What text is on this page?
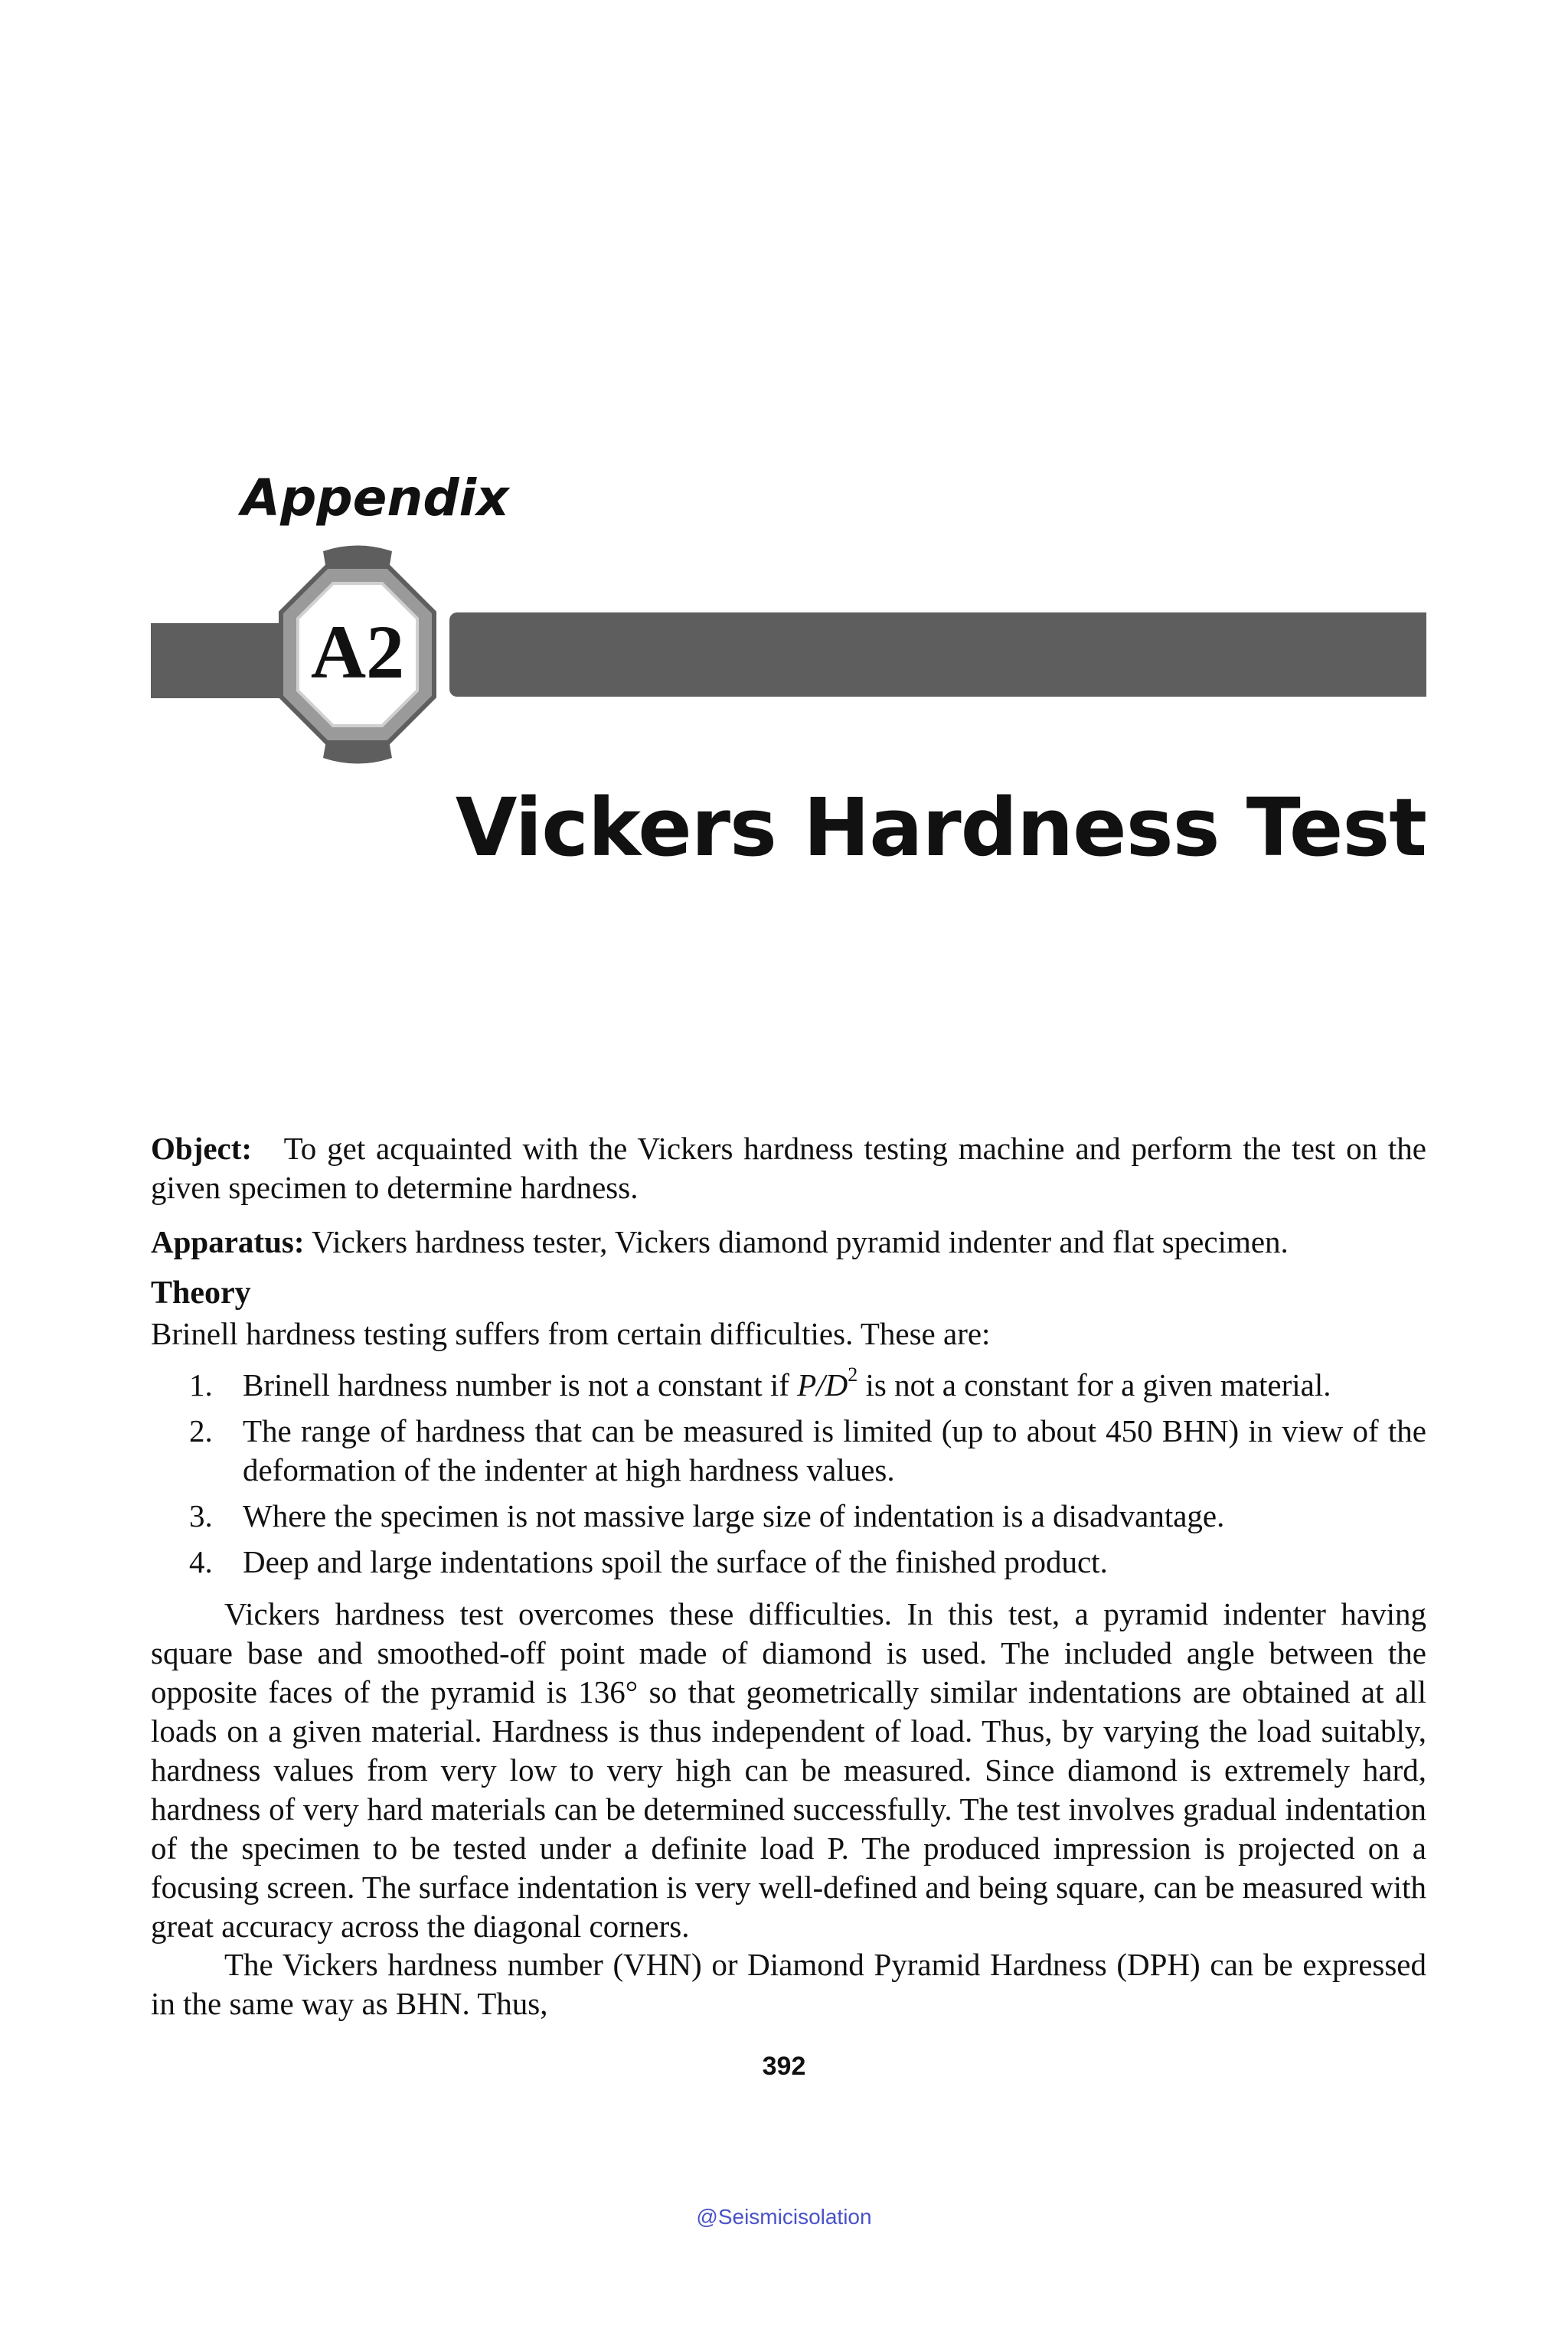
Appendix
A2
Vickers Hardness Test
Object: To get acquainted with the Vickers hardness testing machine and perform the test on the given specimen to determine hardness.
Apparatus: Vickers hardness tester, Vickers diamond pyramid indenter and flat specimen.
Theory
Brinell hardness testing suffers from certain difficulties. These are:
1. Brinell hardness number is not a constant if $P/D^2$ is not a constant for a given material.
2. The range of hardness that can be measured is limited (up to about 450 BHN) in view of the deformation of the indenter at high hardness values.
3. Where the specimen is not massive large size of indentation is a disadvantage.
4. Deep and large indentations spoil the surface of the finished product.

Vickers hardness test overcomes these difficulties. In this test, a pyramid indenter having square base and smoothed-off point made of diamond is used. The included angle between the opposite faces of the pyramid is 136° so that geometrically similar indentations are obtained at all loads on a given material. Hardness is thus independent of load. Thus, by varying the load suitably, hardness values from very low to very high can be measured. Since diamond is extremely hard, hardness of very hard materials can be determined successfully. The test involves gradual indentation of the specimen to be tested under a definite load P. The produced impression is projected on a focusing screen. The surface indentation is very well-defined and being square, can be measured with great accuracy across the diagonal corners.

The Vickers hardness number (VHN) or Diamond Pyramid Hardness (DPH) can be expressed in the same way as BHN. Thus,

392
@Seismicisolation
